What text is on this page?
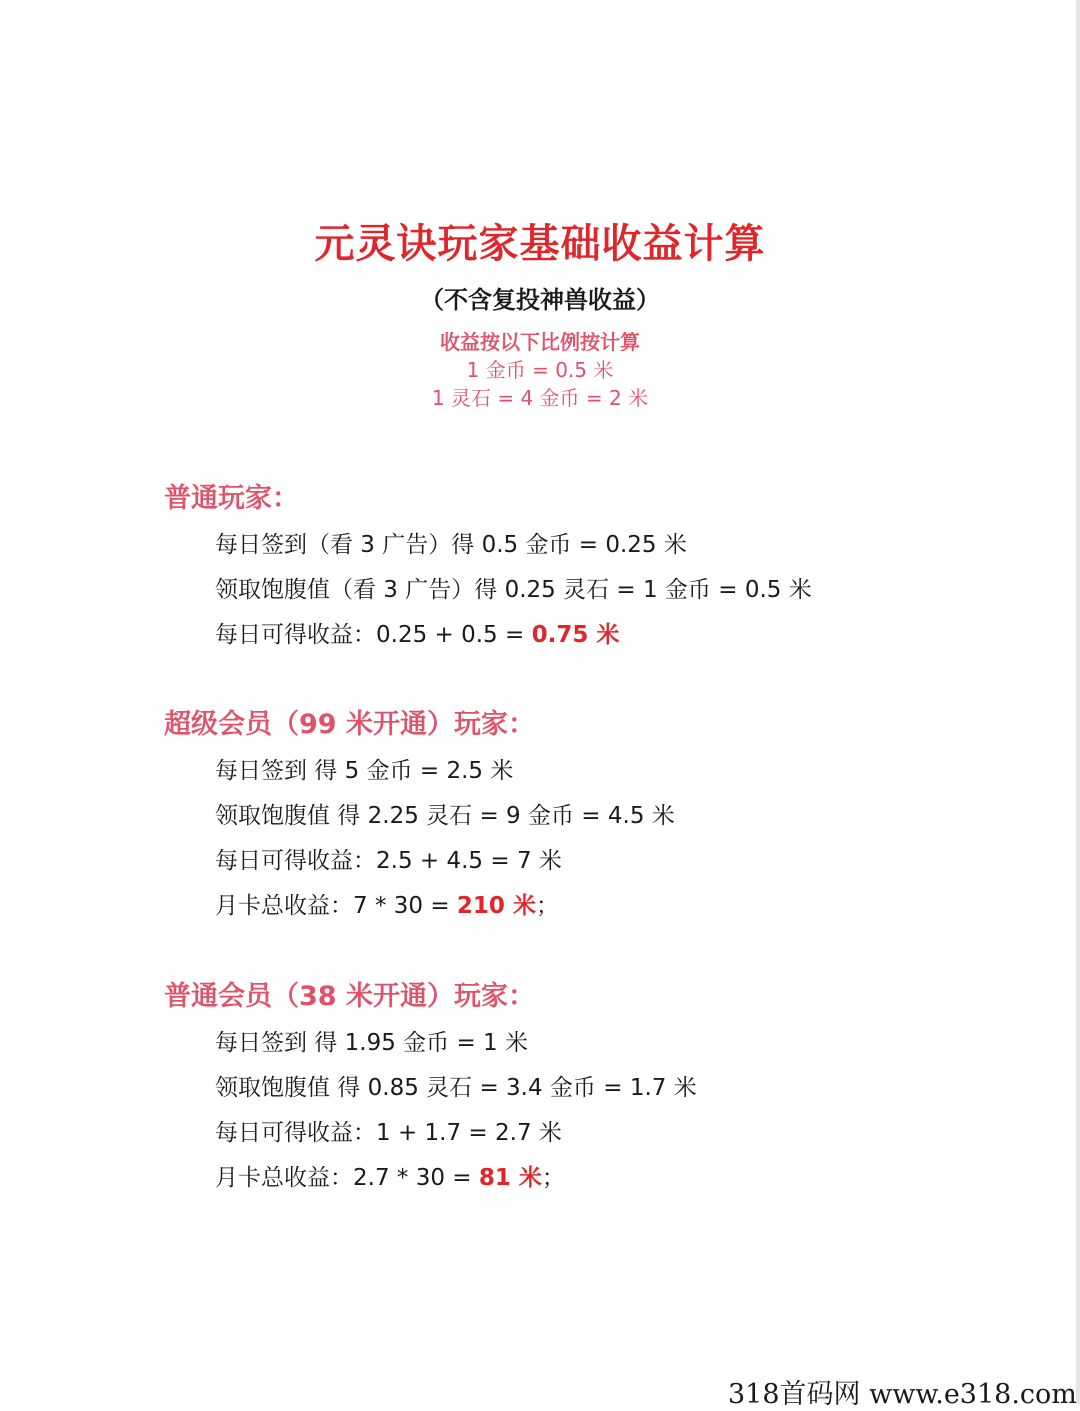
元灵诀玩家基础收益计算
（不含复投神兽收益）
收益按以下比例按计算
1 金币 = 0.5 米
1 灵石 = 4 金币 = 2 米
普通玩家：
每日签到（看 3 广告）得 0.5 金币 = 0.25 米
领取饱腹值（看 3 广告）得 0.25 灵石 = 1 金币 = 0.5 米
每日可得收益：0.25 + 0.5 = 0.75 米
超级会员（99 米开通）玩家：
每日签到 得 5 金币 = 2.5 米
领取饱腹值 得 2.25 灵石 = 9 金币 = 4.5 米
每日可得收益：2.5 + 4.5 = 7 米
月卡总收益：7 * 30 = 210 米；
普通会员（38 米开通）玩家：
每日签到 得 1.95 金币 = 1 米
领取饱腹值 得 0.85 灵石 = 3.4 金币 = 1.7 米
每日可得收益：1 + 1.7 = 2.7 米
月卡总收益：2.7 * 30 = 81 米；
318首码网 www.e318.com
